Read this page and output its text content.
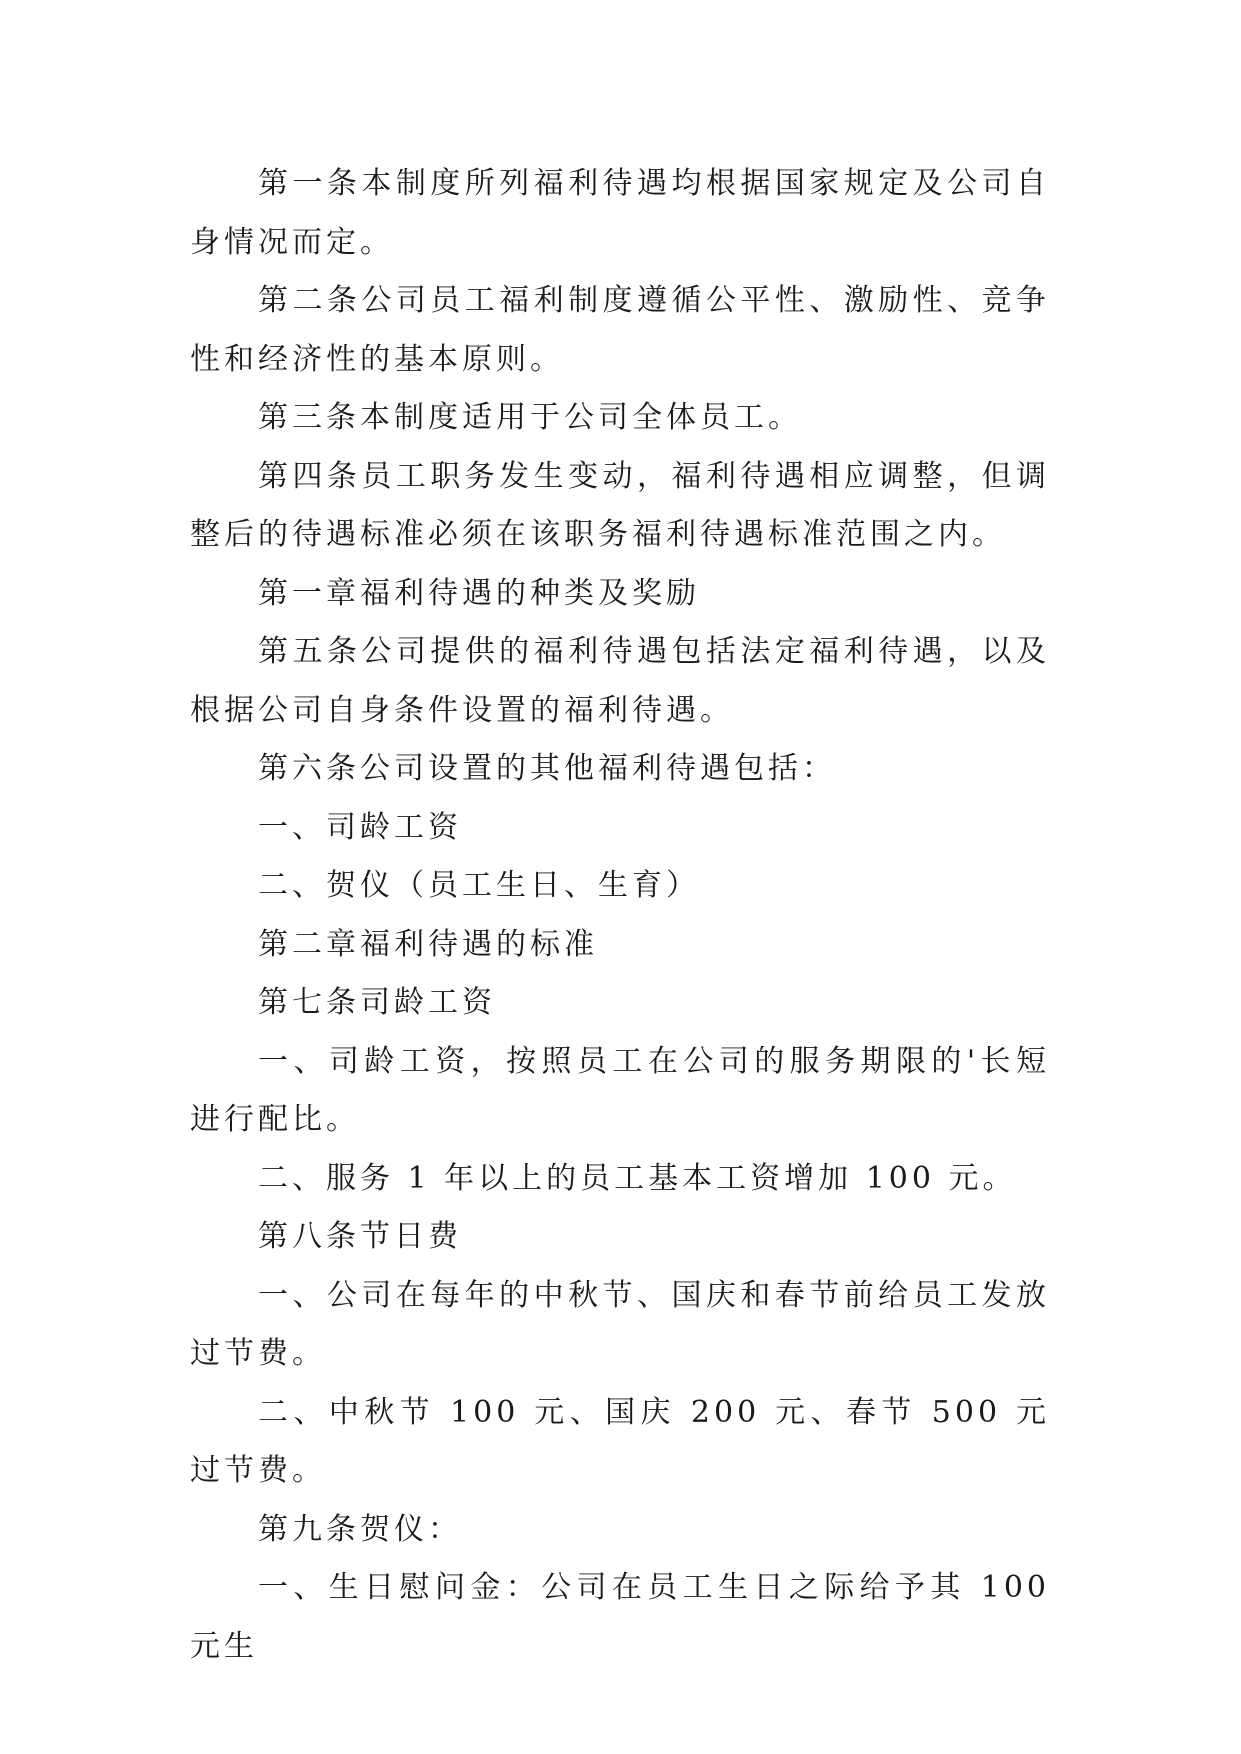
第一条本制度所列福利待遇均根据国家规定及公司自身情况而定。

第二条公司员工福利制度遵循公平性、激励性、竞争性和经济性的基本原则。

第三条本制度适用于公司全体员工。

第四条员工职务发生变动，福利待遇相应调整，但调整后的待遇标准必须在该职务福利待遇标准范围之内。

第一章福利待遇的种类及奖励

第五条公司提供的福利待遇包括法定福利待遇，以及根据公司自身条件设置的福利待遇。

第六条公司设置的其他福利待遇包括：

一、司龄工资

二、贺仪（员工生日、生育）

第二章福利待遇的标准

第七条司龄工资

一、司龄工资，按照员工在公司的服务期限的'长短进行配比。

二、服务 1 年以上的员工基本工资增加 100 元。

第八条节日费

一、公司在每年的中秋节、国庆和春节前给员工发放过节费。

二、中秋节 100 元、国庆 200 元、春节 500 元过节费。

第九条贺仪：

一、生日慰问金：公司在员工生日之际给予其 100 元生
